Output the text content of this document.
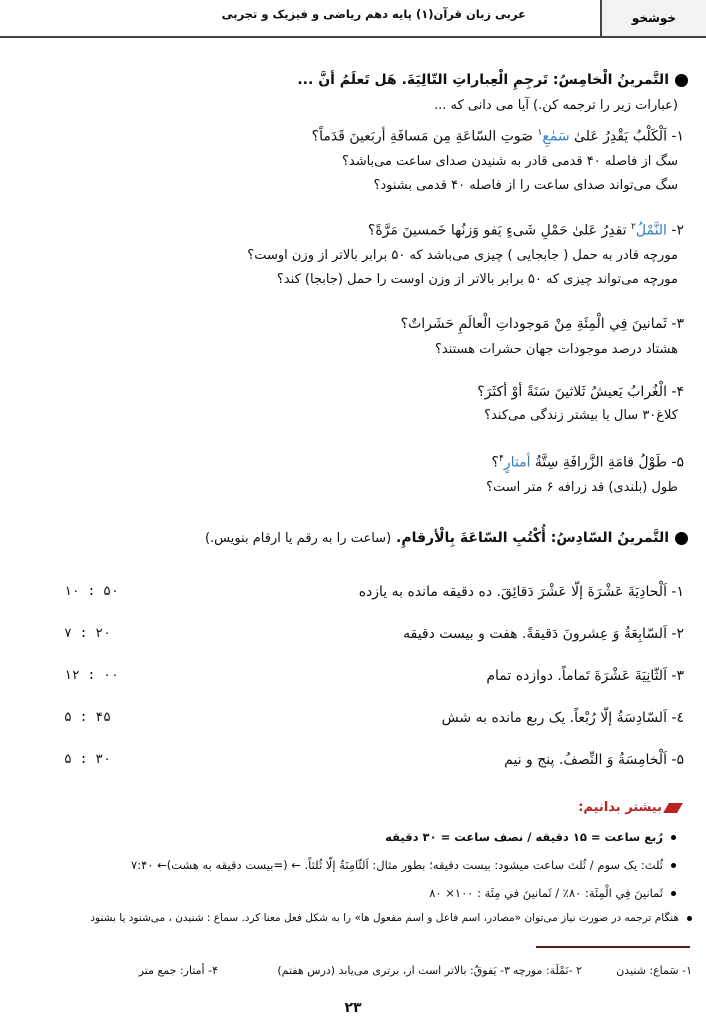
خوشخو
عربی زبان قرآن(۱) پایه دهم ریاضی و فیزیک و تجربی
التَّمرینُ الْخامِسُ: تَرجِمِ الْعِباراتِ التّالِیَةَ. هَل تَعلَمُ أنَّ ...
(عبارات زیر را ترجمه کن.) آیا می دانی که ...
۱- اَلْکَلْبُ یَقْدِرُ عَلیٰ سَمٰعِ$^۱$ صَوتِ السّاعَةِ مِن مَسافَةِ أربَعینَ قَدَماً؟
سگ از فاصله ۴۰ قدمی قادر به شنیدن صدای ساعت می‌باشد؟
سگ می‌تواند صدای ساعت را از فاصله ۴۰ قدمی بشنود؟
۲- النَّمْلُ$^۲$ تقدِرُ عَلیٰ حَمْلِ شَیءٍ یَفو وَزنُها خَمسینَ مَرَّةً؟
مورچه قادر به حمل ( جابجایی ) چیزی می‌باشد که ۵۰ برابر بالاتر از وزن اوست؟
مورچه می‌تواند چیزی که ۵۰ برابر بالاتر از وزن اوست را حمل (جابجا) کند؟
۳- ثَمانینَ فِي الْمِئَةِ مِنْ مَوجوداتِ الْعالَمِ حَشَراتٌ؟
هشتاد درصد موجودات جهان حشرات هستند؟
۴- الْغُرابُ یَعیشُ ثَلاثینَ سَنَةً أوْ أکثَرَ؟
کلاغ۳۰ سال یا بیشتر زندگی می‌کند؟
۵- طَوْلُ قامَةِ الزَّرافَةِ سِتَّةُ أمتارٍ$^۴$؟
طول (بلندی) قد زرافه ۶ متر است؟
التَّمرینُ السّادِسُ: أُکْتُبِ السّاعَةَ بِالْأرقامِ. (ساعت را به رقم یا ارقام بنویس.)
۱- اَلْحادِیَةَ عَشْرَةَ إلّا عَشْرَ دَقائِقَ. ده دقیقه مانده به یازده
۱۰ : ۵۰
۲- اَلسّابِعَةُ وَ عِشرونَ دَقیقةً. هفت و بیست دقیقه
۷ : ۲۰
۳- اَلثّانِیَةَ عَشْرَةَ تَماماً. دوازده تمام
۱۲ : ۰۰
٤- اَلسّادِسَةُ إلّا رُبْعاً. یک ربع مانده به شش
۵ : ۴۵
۵- اَلْخامِسَةُ وَ النِّصفُ. پنج و نیم
۵ : ۳۰
بیشتر بدانیم:
رُبع ساعت = ۱۵ دقیقه / نصف ساعت = ۳۰ دقیقه
ثُلث: یک سوم / ثُلث ساعت میشود: بیست دقیقه؛ بطور مثال: اَلثّامِنَةُ إلّا ثُلثاً. ← (=بیست دقیقه به هشت)← ۷:۴۰
ثَمانینَ فِي الْمِئَة: ۸۰٪ / ثَمانینَ في مِئَة : ۱۰۰× ۸۰
هنگام ترجمه در صورت نیاز می‌توان «مصادر، اسم فاعل و اسم مفعول ها» را به شکل فعل معنا کرد. سماع : شنیدن ، می‌شنود یا بشنود
۱- سَماع: شنیدن
۲ -نَمْلَة: مورچه
۳- یَفوقُ: بالاتر است از، برتری می‌یابد (درس هفتم)
۴- أمتار: جمع متر
۲۳
